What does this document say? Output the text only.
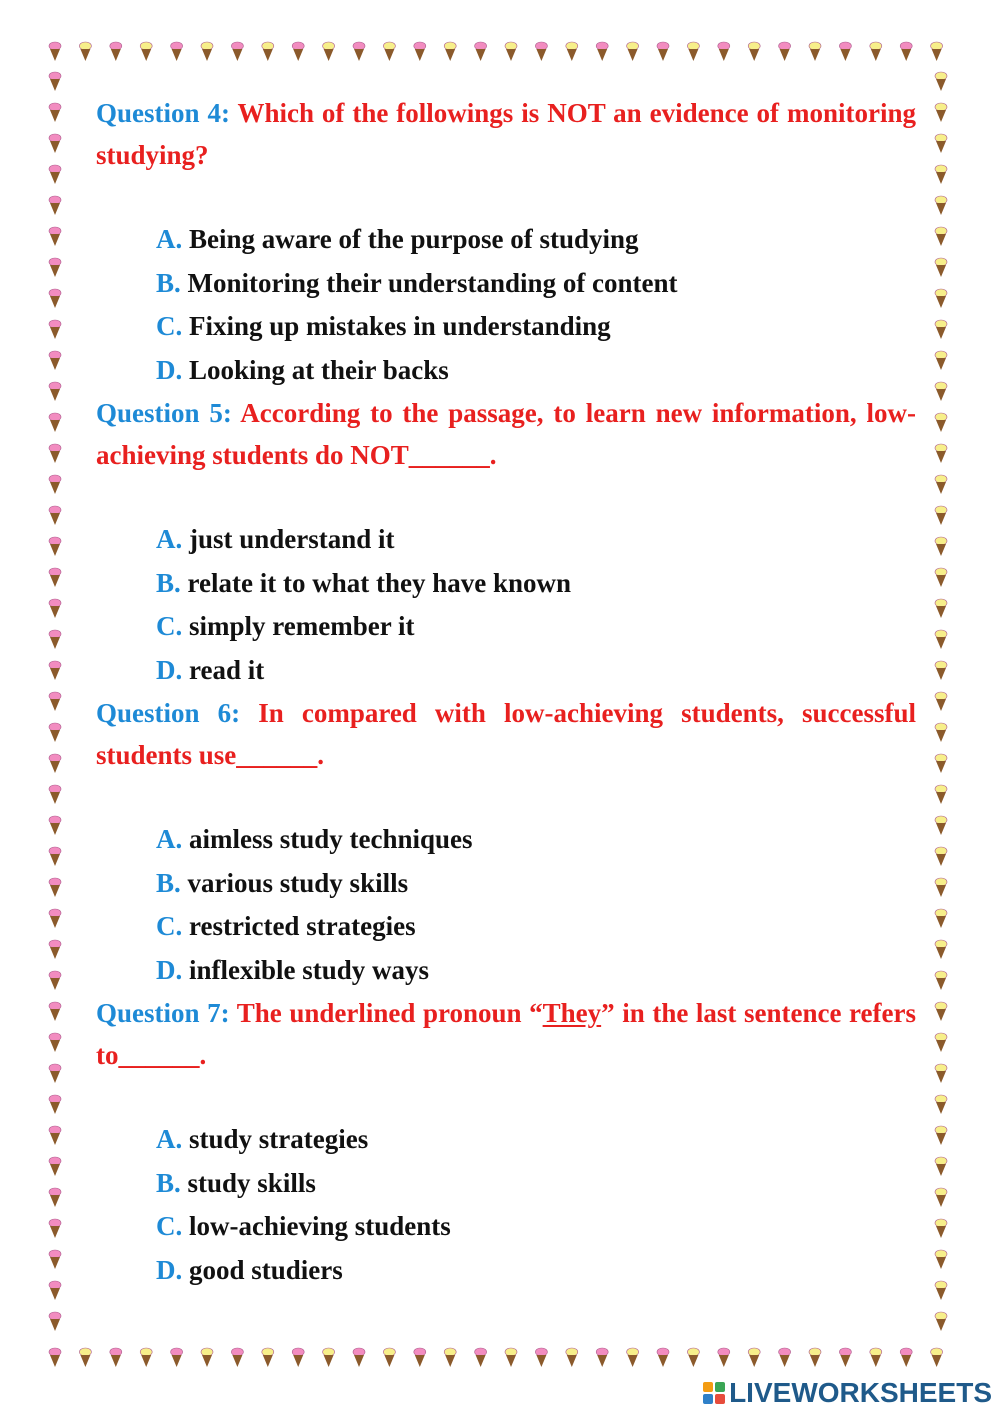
Question 4: Which of the followings is NOT an evidence of monitoring studying?

A. Being aware of the purpose of studying
B. Monitoring their understanding of content
C. Fixing up mistakes in understanding
D. Looking at their backs

Question 5: According to the passage, to learn new information, low-achieving students do NOT______.

A. just understand it
B. relate it to what they have known
C. simply remember it
D. read it

Question 6: In compared with low-achieving students, successful students use______.

A. aimless study techniques
B. various study skills
C. restricted strategies
D. inflexible study ways

Question 7: The underlined pronoun “They” in the last sentence refers to______.

A. study strategies
B. study skills
C. low-achieving students
D. good studiers
LIVEWORKSHEETS
